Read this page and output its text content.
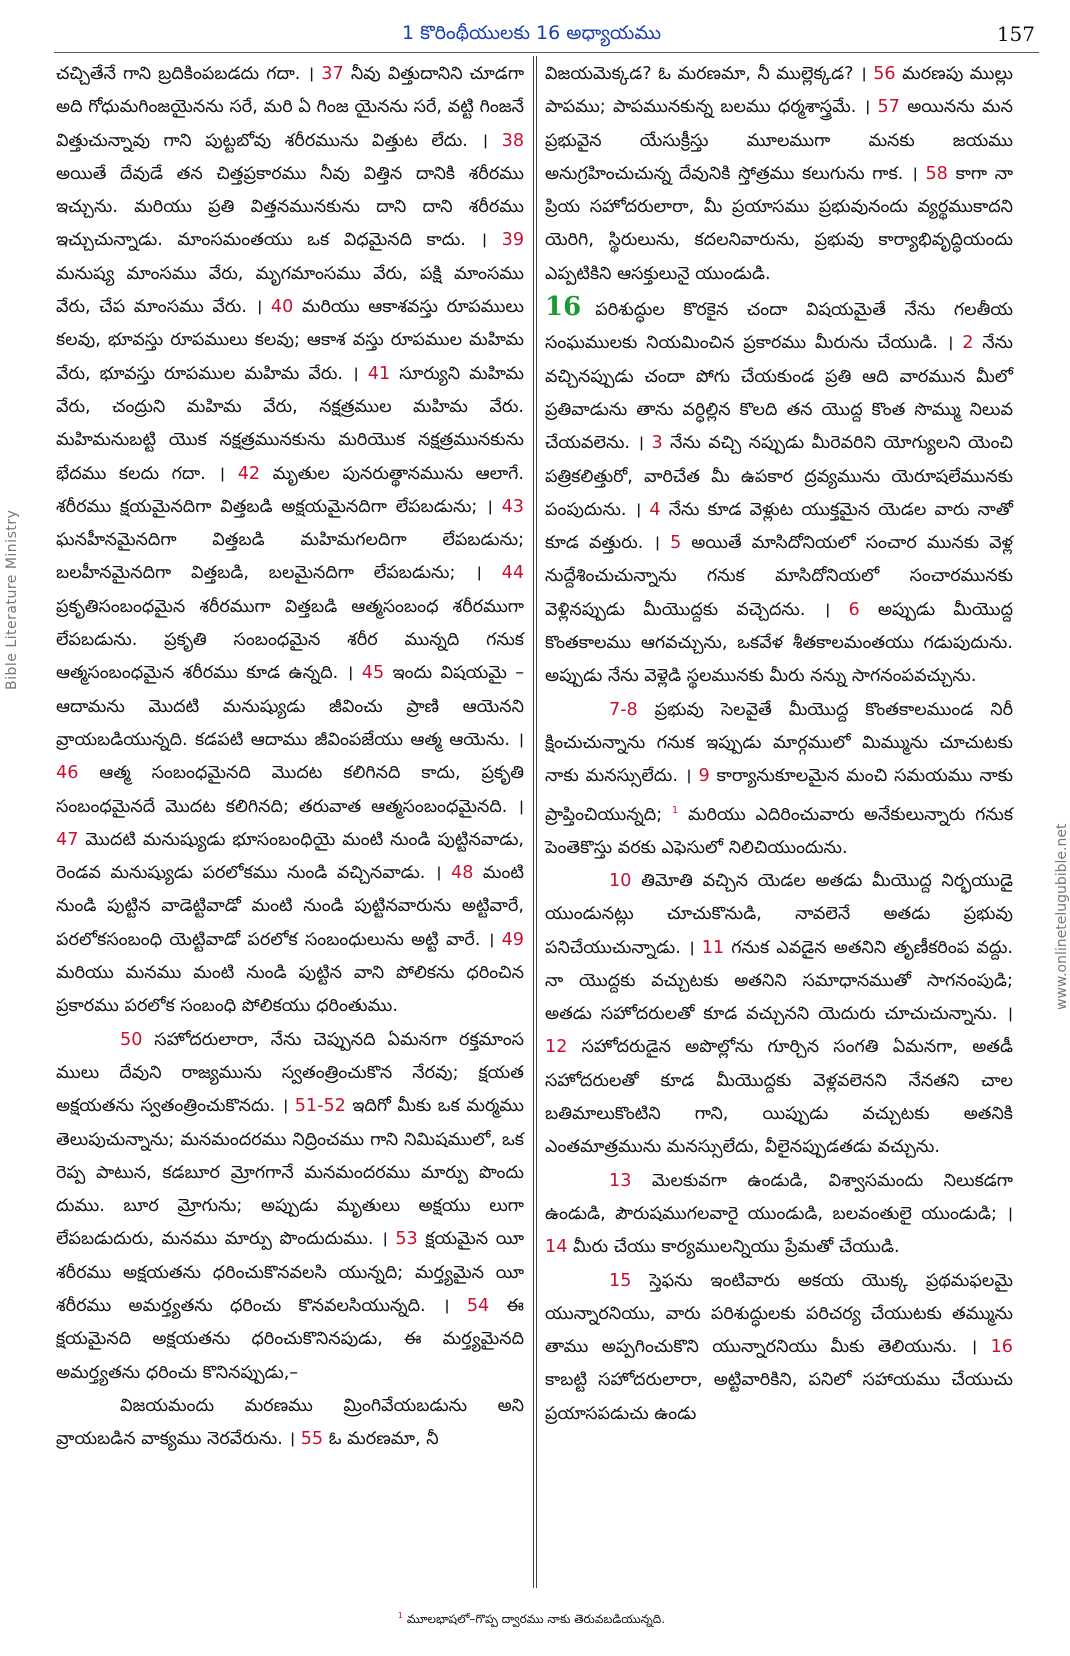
1 కొరింథీయులకు 16 అధ్యాయము	157
Bible Literature Ministry
www.onlinetelugubible.net

చచ్చితేనే గాని బ్రదికింపబడదు గదా. । 37 నీవు విత్తుదానిని చూడగా అది గోధుమగింజయైనను సరే, మరి ఏ గింజ యైనను సరే, వట్టి గింజనే విత్తుచున్నావు గాని పుట్టబోవు శరీరమును విత్తుట లేదు. । 38 అయితే దేవుడే తన చిత్తప్రకారము నీవు విత్తిన దానికి శరీరము ఇచ్చును. మరియు ప్రతి విత్తనమునకును దాని దాని శరీరము ఇచ్చుచున్నాడు. మాంసమంతయు ఒక విధమైనది కాదు. । 39 మనుష్య మాంసము వేరు, మృగమాంసము వేరు, పక్షి మాంసము వేరు, చేప మాంసము వేరు. । 40 మరియు ఆకాశవస్తు రూపములు కలవు, భూవస్తు రూపములు కలవు; ఆకాశ వస్తు రూపముల మహిమ వేరు, భూవస్తు రూపముల మహిమ వేరు. । 41 సూర్యుని మహిమ వేరు, చంద్రుని మహిమ వేరు, నక్షత్రముల మహిమ వేరు. మహిమనుబట్టి యొక నక్షత్రమునకును మరియొక నక్షత్రమునకును భేదము కలదు గదా. । 42 మృతుల పునరుత్థానమును ఆలాగే. శరీరము క్షయమైనదిగా విత్తబడి అక్షయమైనదిగా లేపబడును; । 43 ఘనహీనమైనదిగా విత్తబడి మహిమగలదిగా లేపబడును; బలహీనమైనదిగా విత్తబడి, బలమైనదిగా లేపబడును; । 44 ప్రకృతిసంబంధమైన శరీరముగా విత్తబడి ఆత్మసంబంధ శరీరముగా లేపబడును. ప్రకృతి సంబంధమైన శరీర మున్నది గనుక ఆత్మసంబంధమైన శరీరము కూడ ఉన్నది. । 45 ఇందు విషయమై – ఆదామను మొదటి మనుష్యుడు జీవించు ప్రాణి ఆయెనని వ్రాయబడియున్నది. కడపటి ఆదాము జీవింపజేయు ఆత్మ ఆయెను. । 46 ఆత్మ సంబంధమైనది మొదట కలిగినది కాదు, ప్రకృతి సంబంధమైనదే మొదట కలిగినది; తరువాత ఆత్మసంబంధమైనది. । 47 మొదటి మనుష్యుడు భూసంబంధియై మంటి నుండి పుట్టినవాడు, రెండవ మనుష్యుడు పరలోకము నుండి వచ్చినవాడు. । 48 మంటి నుండి పుట్టిన వాడెట్టివాడో మంటి నుండి పుట్టినవారును అట్టివారే, పరలోకసంబంధి యెట్టివాడో పరలోక సంబంధులును అట్టి వారే. । 49 మరియు మనము మంటి నుండి పుట్టిన వాని పోలికను ధరించిన ప్రకారము పరలోక సంబంధి పోలికయు ధరింతుము.

50 సహోదరులారా, నేను చెప్పునది ఏమనగా రక్తమాంస ములు దేవుని రాజ్యమును స్వతంత్రించుకొన నేరవు; క్షయత అక్షయతను స్వతంత్రించుకొనదు. । 51-52 ఇదిగో మీకు ఒక మర్మము తెలుపుచున్నాను; మనమందరము నిద్రించము గాని నిమిషములో, ఒక రెప్ప పాటున, కడబూర మ్రోగగానే మనమందరము మార్పు పొందు దుము. బూర మ్రోగును; అప్పుడు మృతులు అక్షయు లుగా లేపబడుదురు, మనము మార్పు పొందుదుము. । 53 క్షయమైన యీ శరీరము అక్షయతను ధరించుకొనవలసి యున్నది; మర్త్యమైన యీ శరీరము అమర్త్యతను ధరించు కొనవలసియున్నది. । 54 ఈ క్షయమైనది అక్షయతను ధరించుకొనినపుడు, ఈ మర్త్యమైనది అమర్త్యతను ధరించు కొనినప్పుడు,–

విజయమందు మరణము మ్రింగివేయబడును అని వ్రాయబడిన వాక్యము నెరవేరును. । 55 ఓ మరణమా, నీ

విజయమెక్కడ? ఓ మరణమా, నీ ముల్లెక్కడ? । 56 మరణపు ముల్లు పాపము; పాపమునకున్న బలము ధర్మశాస్త్రమే. । 57 అయినను మన ప్రభువైన యేసుక్రీస్తు మూలముగా మనకు జయము అనుగ్రహించుచున్న దేవునికి స్తోత్రము కలుగును గాక. । 58 కాగా నా ప్రియ సహోదరులారా, మీ ప్రయాసము ప్రభువునందు వ్యర్థముకాదని యెరిగి, స్థిరులును, కదలనివారును, ప్రభువు కార్యాభివృద్ధియందు ఎప్పటికిని ఆసక్తులునై యుండుడి.

16 పరిశుద్ధుల కొరకైన చందా విషయమైతే నేను గలతీయ సంఘములకు నియమించిన ప్రకారము మీరును చేయుడి. । 2 నేను వచ్చినప్పుడు చందా పోగు చేయకుండ ప్రతి ఆది వారమున మీలో ప్రతివాడును తాను వర్ధిల్లిన కొలది తన యొద్ద కొంత సొమ్ము నిలువ చేయవలెను. । 3 నేను వచ్చి నప్పుడు మీరెవరిని యోగ్యులని యెంచి పత్రికలిత్తురో, వారిచేత మీ ఉపకార ద్రవ్యమును యెరూషలేమునకు పంపుదును. । 4 నేను కూడ వెళ్లుట యుక్తమైన యెడల వారు నాతో కూడ వత్తురు. । 5 అయితే మాసిదోనియలో సంచార మునకు వెళ్ల నుద్దేశించుచున్నాను గనుక మాసిదోనియలో సంచారమునకు వెళ్లినప్పుడు మీయొద్దకు వచ్చెదను. । 6 అప్పుడు మీయొద్ద కొంతకాలము ఆగవచ్చును, ఒకవేళ శీతకాలమంతయు గడుపుదును. అప్పుడు నేను వెళ్లెడి స్థలమునకు మీరు నన్ను సాగనంపవచ్చును.

7-8 ప్రభువు సెలవైతే మీయొద్ద కొంతకాలముండ నిరీ క్షించుచున్నాను గనుక ఇప్పుడు మార్గములో మిమ్మును చూచుటకు నాకు మనస్సులేదు. । 9 కార్యానుకూలమైన మంచి సమయము నాకు ప్రాప్తించియున్నది; $^1$ మరియు ఎదిరించువారు అనేకులున్నారు గనుక పెంతెకొస్తు వరకు ఎఫెసులో నిలిచియుందును.

10 తిమోతి వచ్చిన యెడల అతడు మీయొద్ద నిర్భయుడై యుండునట్లు చూచుకొనుడి, నావలెనే అతడు ప్రభువు పనిచేయుచున్నాడు. । 11 గనుక ఎవడైన అతనిని తృణీకరింప వద్దు. నా యొద్దకు వచ్చుటకు అతనిని సమాధానముతో సాగనంపుడి; అతడు సహోదరులతో కూడ వచ్చునని యెదురు చూచుచున్నాను. । 12 సహోదరుడైన అపొల్లోను గూర్చిన సంగతి ఏమనగా, అతడీ సహోదరులతో కూడ మీయొద్దకు వెళ్లవలెనని నేనతని చాల బతిమాలుకొంటిని గాని, యిప్పుడు వచ్చుటకు అతనికి ఎంతమాత్రమును మనస్సులేదు, వీలైనప్పుడతడు వచ్చును.

13 మెలకువగా ఉండుడి, విశ్వాసమందు నిలుకడగా ఉండుడి, పౌరుషముగలవారై యుండుడి, బలవంతులై యుండుడి; । 14 మీరు చేయు కార్యములన్నియు ప్రేమతో చేయుడి.

15 స్తెఫను ఇంటివారు అకయ యొక్క ప్రథమఫలమై యున్నారనియు, వారు పరిశుద్ధులకు పరిచర్య చేయుటకు తమ్మును తాము అప్పగించుకొని యున్నారనియు మీకు తెలియును. । 16 కాబట్టి సహోదరులారా, అట్టివారికిని, పనిలో సహాయము చేయుచు ప్రయాసపడుచు ఉండు

$^1$ మూలభాషలో–గొప్ప ద్వారము నాకు తెరువబడియున్నది.
